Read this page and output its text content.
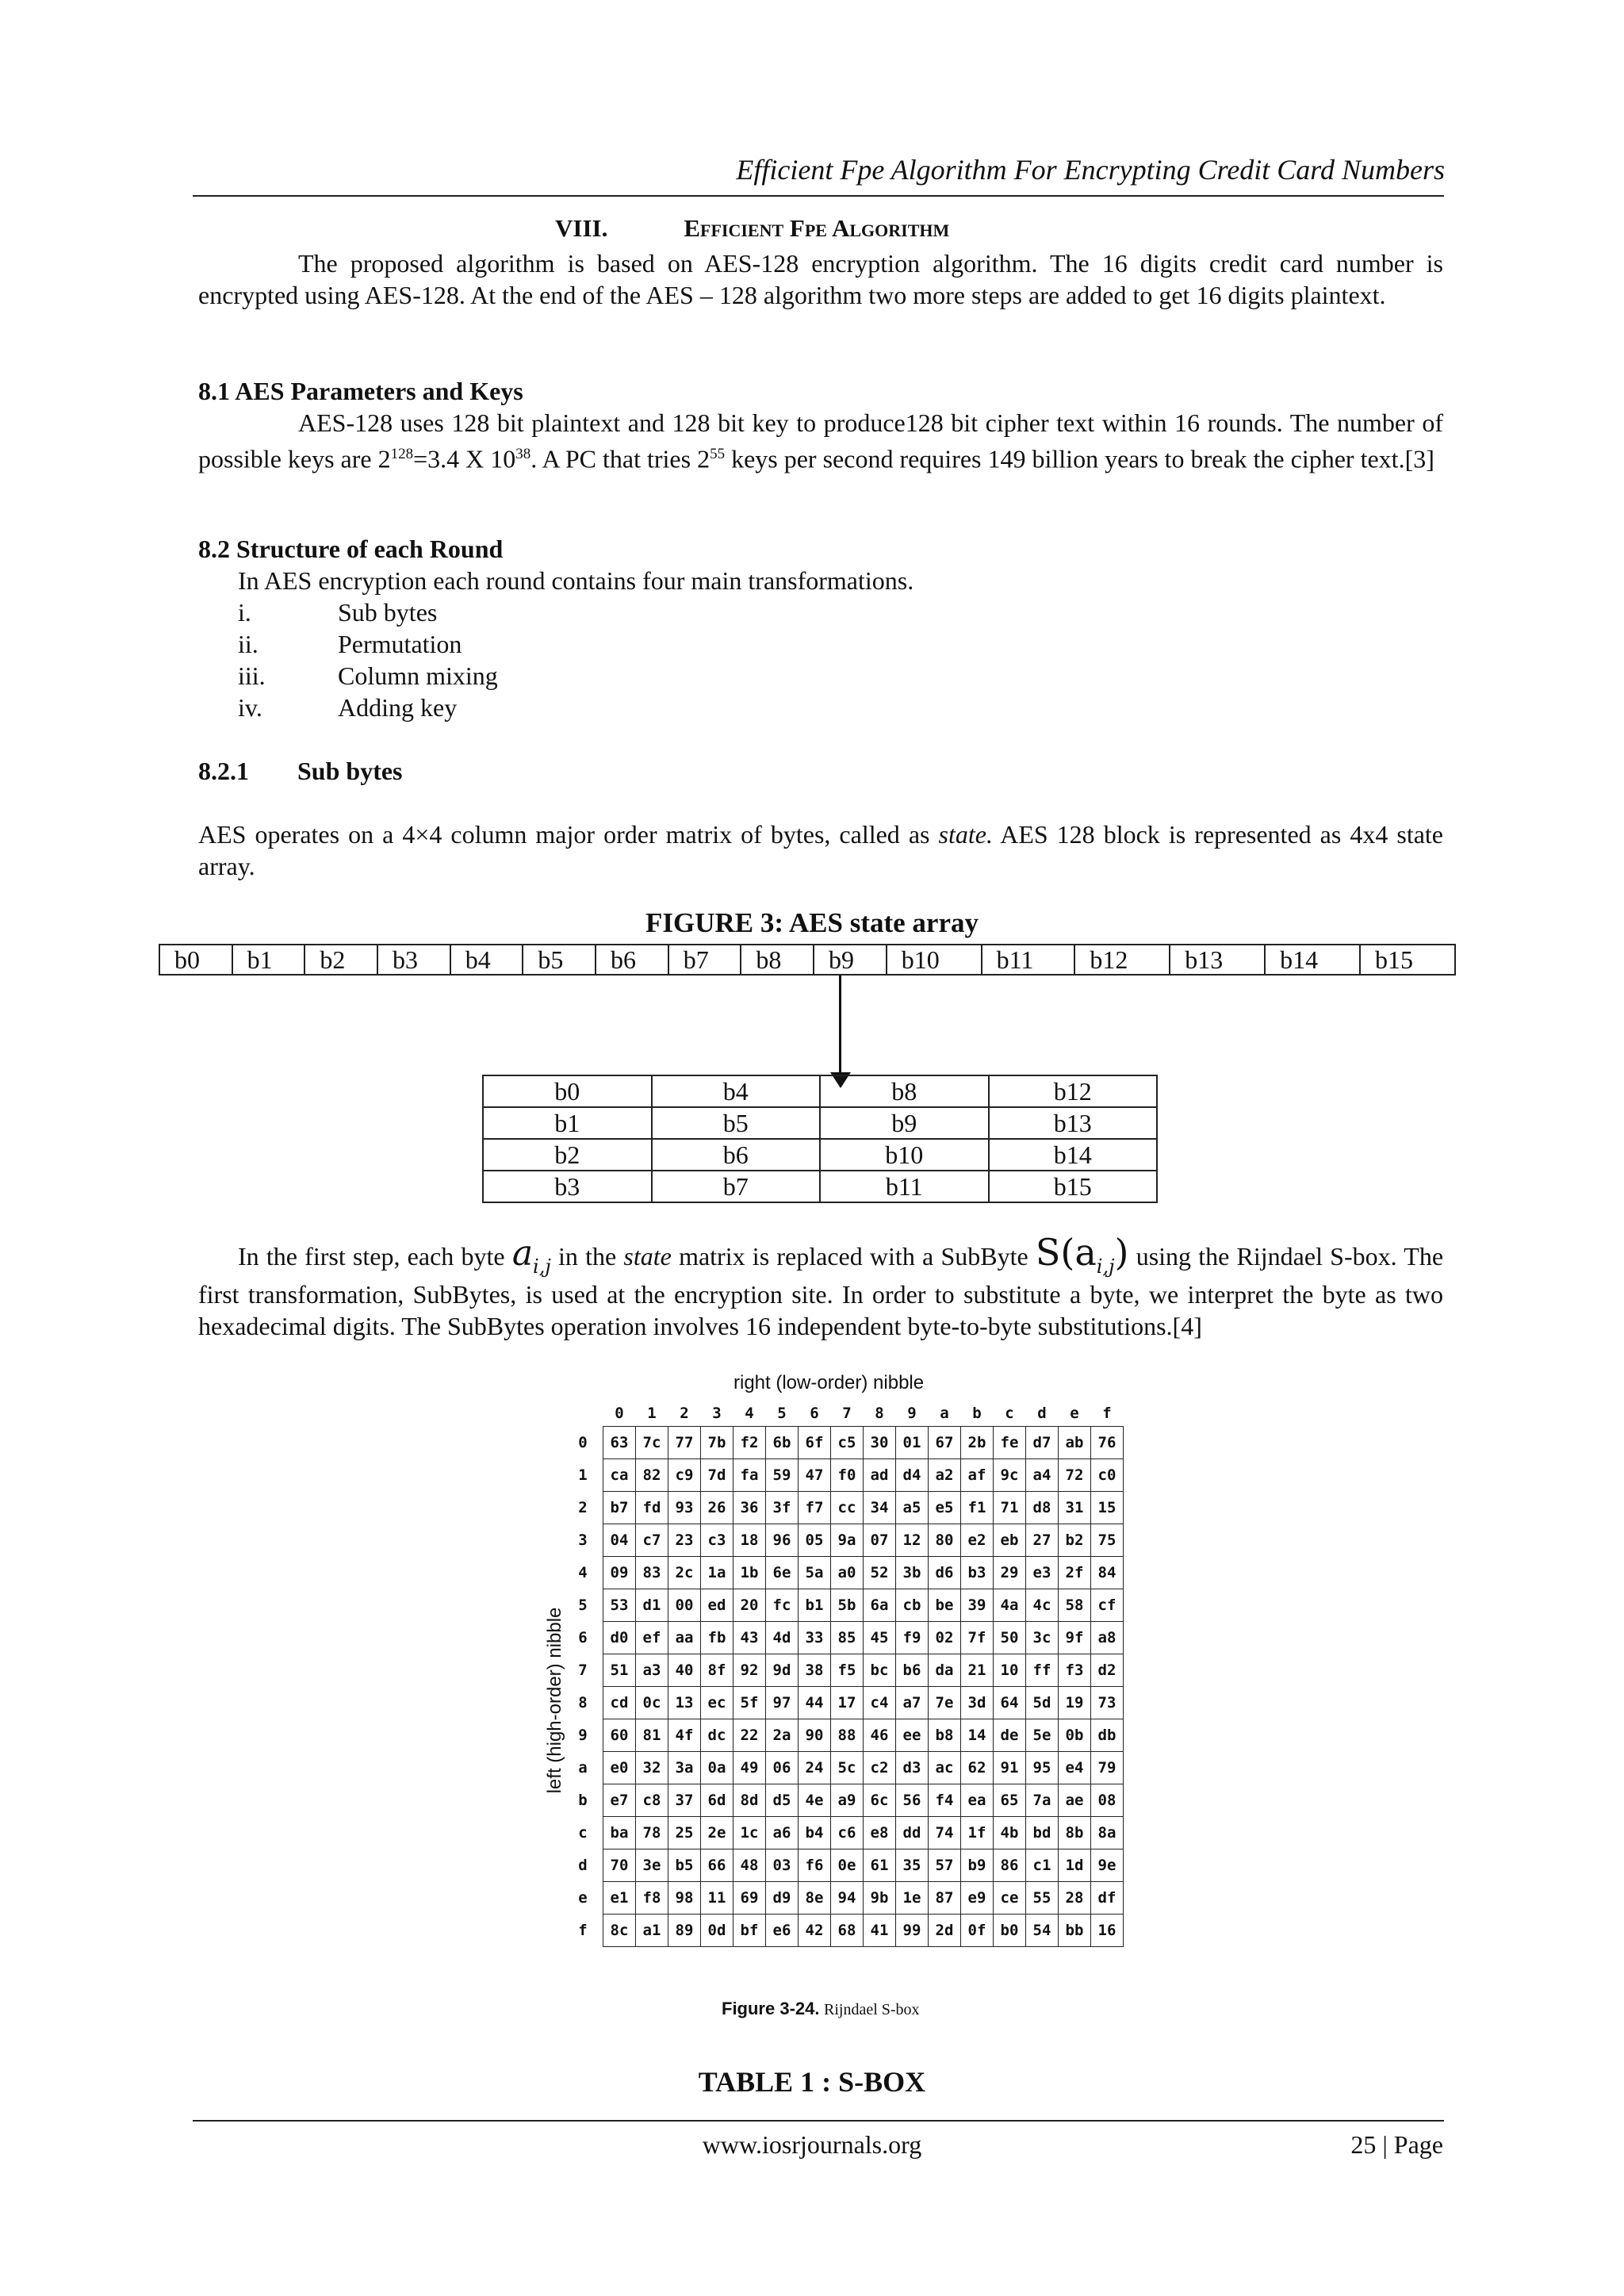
Efficient Fpe Algorithm For Encrypting Credit Card Numbers
VIII.	Efficient Fpe Algorithm
The proposed algorithm is based on AES-128 encryption algorithm. The 16 digits credit card number is encrypted using AES-128. At the end of the AES – 128 algorithm two more steps are added to get 16 digits plaintext.
8.1 AES Parameters and Keys
AES-128 uses 128 bit plaintext and 128 bit key to produce128 bit cipher text within 16 rounds. The number of possible keys are $2^{128}=3.4$ X $10^{38}$. A PC that tries $2^{55}$ keys per second requires 149 billion years to break the cipher text.[3]
8.2 Structure of each Round
In AES encryption each round contains four main transformations.
i.	Sub bytes
ii.	Permutation
iii.	Column mixing
iv.	Adding key
8.2.1 Sub bytes
AES operates on a 4×4 column major order matrix of bytes, called as state. AES 128 block is represented as 4x4 state array.
FIGURE 3: AES state array
b0	b1	b2	b3	b4	b5	b6	b7	b8	b9	b10	b11	b12	b13	b14	b15
b0	b4	b8	b12
b1	b5	b9	b13
b2	b6	b10	b14
b3	b7	b11	b15
In the first step, each byte $a_{i,j}$ in the state matrix is replaced with a SubByte $S(a_{i,j})$ using the Rijndael S-box. The first transformation, SubBytes, is used at the encryption site. In order to substitute a byte, we interpret the byte as two hexadecimal digits. The SubBytes operation involves 16 independent byte-to-byte substitutions.[4]
right (low-order) nibble
left (high-order) nibble
	0	1	2	3	4	5	6	7	8	9	a	b	c	d	e	f
0	63	7c	77	7b	f2	6b	6f	c5	30	01	67	2b	fe	d7	ab	76
1	ca	82	c9	7d	fa	59	47	f0	ad	d4	a2	af	9c	a4	72	c0
2	b7	fd	93	26	36	3f	f7	cc	34	a5	e5	f1	71	d8	31	15
3	04	c7	23	c3	18	96	05	9a	07	12	80	e2	eb	27	b2	75
4	09	83	2c	1a	1b	6e	5a	a0	52	3b	d6	b3	29	e3	2f	84
5	53	d1	00	ed	20	fc	b1	5b	6a	cb	be	39	4a	4c	58	cf
6	d0	ef	aa	fb	43	4d	33	85	45	f9	02	7f	50	3c	9f	a8
7	51	a3	40	8f	92	9d	38	f5	bc	b6	da	21	10	ff	f3	d2
8	cd	0c	13	ec	5f	97	44	17	c4	a7	7e	3d	64	5d	19	73
9	60	81	4f	dc	22	2a	90	88	46	ee	b8	14	de	5e	0b	db
a	e0	32	3a	0a	49	06	24	5c	c2	d3	ac	62	91	95	e4	79
b	e7	c8	37	6d	8d	d5	4e	a9	6c	56	f4	ea	65	7a	ae	08
c	ba	78	25	2e	1c	a6	b4	c6	e8	dd	74	1f	4b	bd	8b	8a
d	70	3e	b5	66	48	03	f6	0e	61	35	57	b9	86	c1	1d	9e
e	e1	f8	98	11	69	d9	8e	94	9b	1e	87	e9	ce	55	28	df
f	8c	a1	89	0d	bf	e6	42	68	41	99	2d	0f	b0	54	bb	16
Figure 3-24. Rijndael S-box
TABLE 1 : S-BOX
www.iosrjournals.org	25 | Page
